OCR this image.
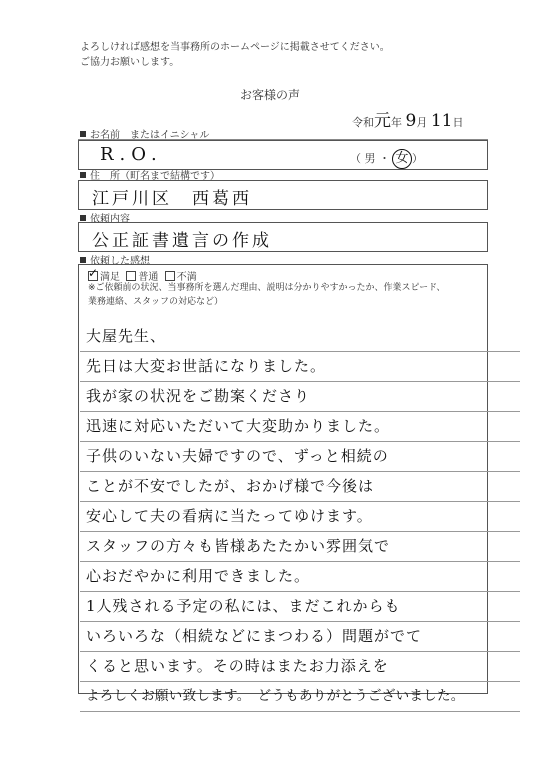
よろしければ感想を当事務所のホームページに掲載させてください。
ご協力お願いします。
お客様の声
令和元年 9月 11日
お名前　またはイニシャル
R.O.	（ 男 ・ 女 ）
住　所（町名まで結構です）
江戸川区　西葛西
依頼内容
公正証書遺言の作成
依頼した感想
✓満足 普通 不満
※ご依頼前の状況、当事務所を選んだ理由、説明は分かりやすかったか、作業スピード、
業務連絡、スタッフの対応など）
大屋先生、
先日は大変お世話になりました。
我が家の状況をご勘案くださり
迅速に対応いただいて大変助かりました。
子供のいない夫婦ですので、ずっと相続の
ことが不安でしたが、おかげ様で今後は
安心して夫の看病に当たってゆけます。
スタッフの方々も皆様あたたかい雰囲気で
心おだやかに利用できました。
1人残される予定の私には、まだこれからも
いろいろな（相続などにまつわる）問題がでて
くると思います。その時はまたお力添えを
よろしくお願い致します。　どうもありがとうございました。
